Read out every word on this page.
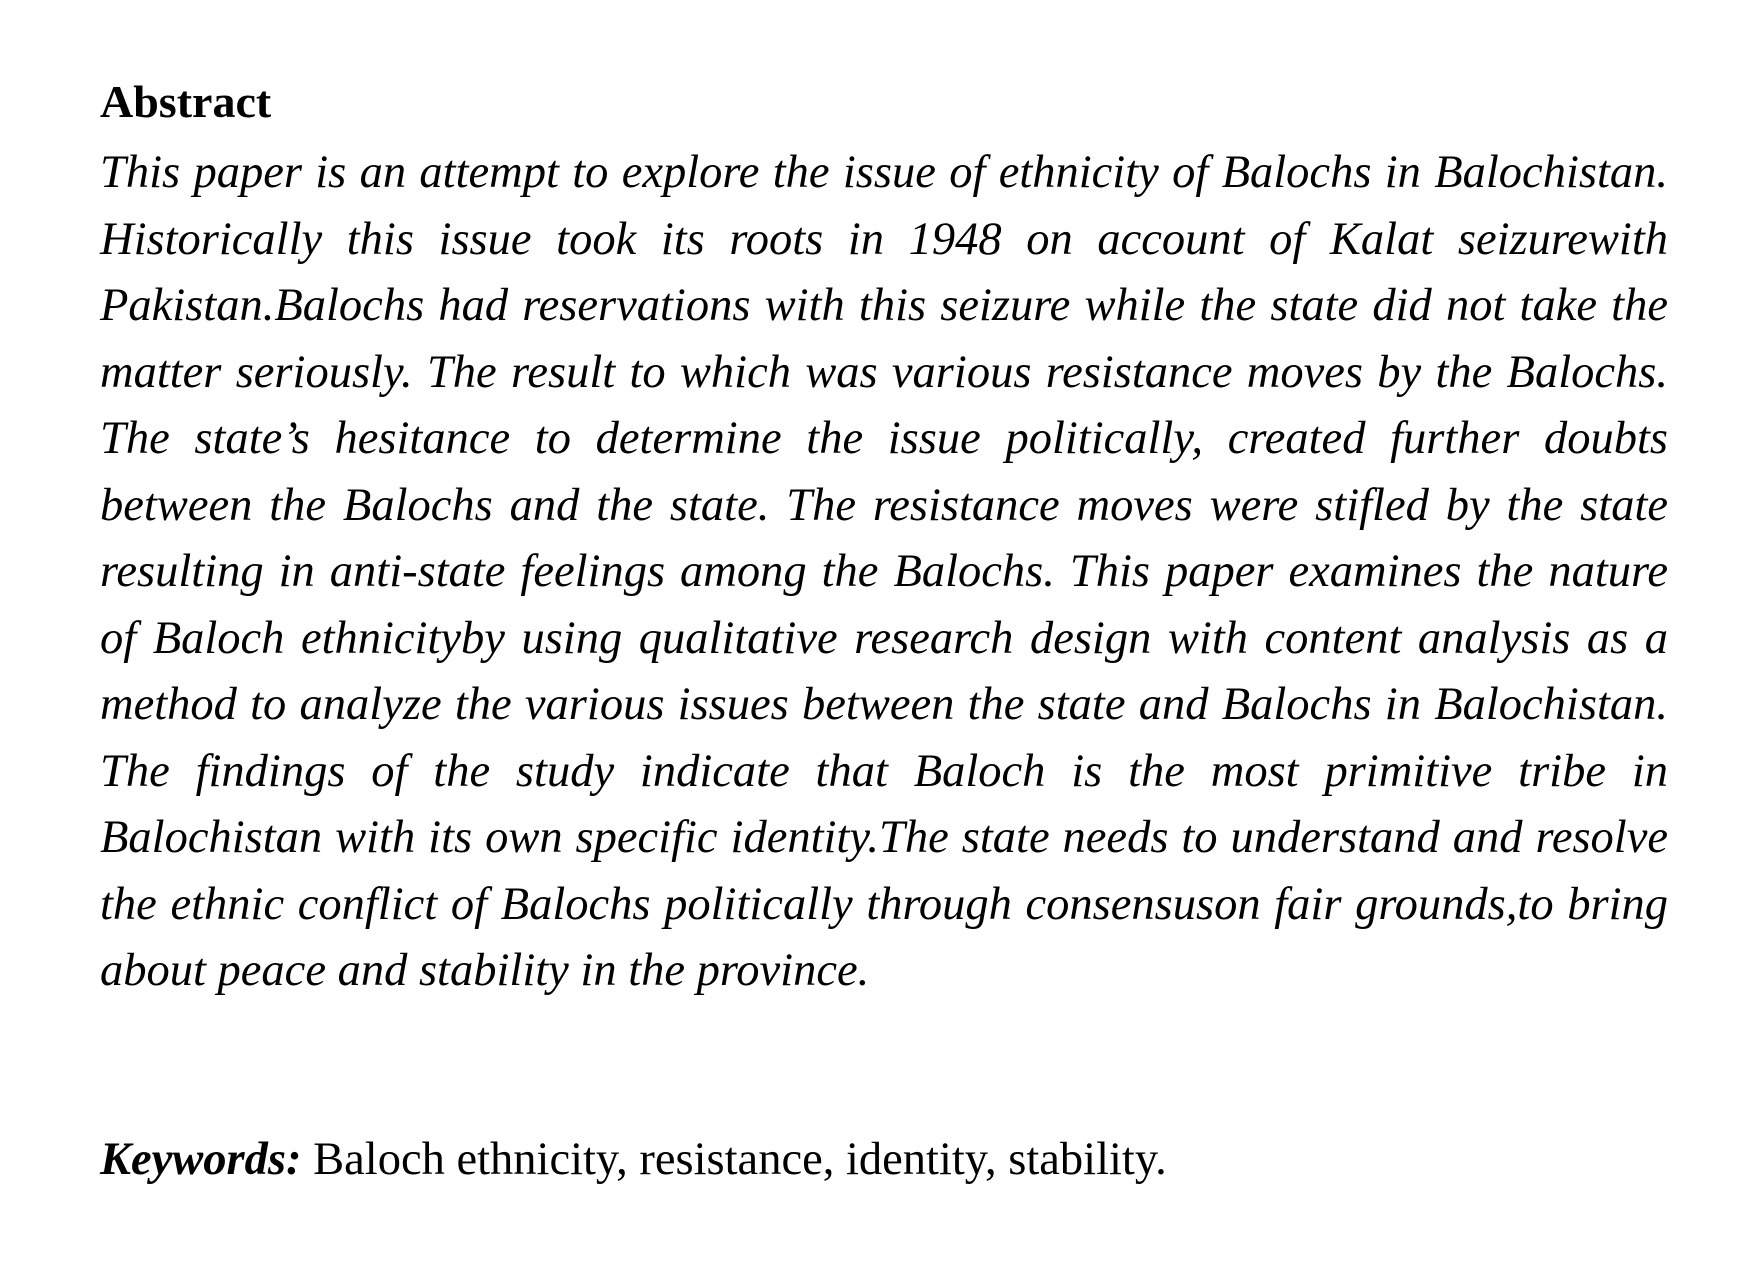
Abstract

This paper is an attempt to explore the issue of ethnicity of Balochs in Balochistan. Historically this issue took its roots in 1948 on account of Kalat seizurewith Pakistan.Balochs had reservations with this seizure while the state did not take the matter seriously. The result to which was various resistance moves by the Balochs. The state’s hesitance to determine the issue politically, created further doubts between the Balochs and the state. The resistance moves were stifled by the state resulting in anti-state feelings among the Balochs. This paper examines the nature of Baloch ethnicityby using qualitative research design with content analysis as a method to analyze the various issues between the state and Balochs in Balochistan. The findings of the study indicate that Baloch is the most primitive tribe in Balochistan with its own specific identity.The state needs to understand and resolve the ethnic conflict of Balochs politically through consensuson fair grounds,to bring about peace and stability in the province.

Keywords: Baloch ethnicity, resistance, identity, stability.
